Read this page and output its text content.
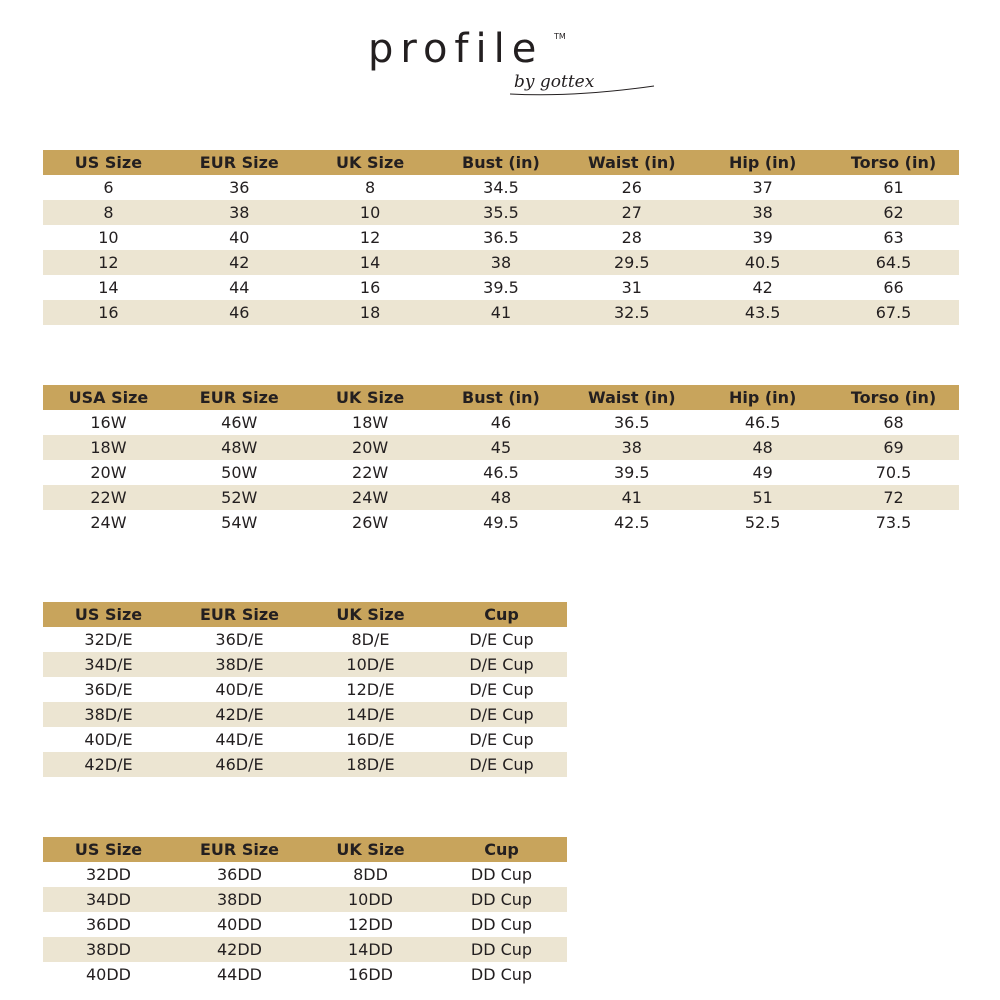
profile TM
by gottex
US Size	EUR Size	UK Size	Bust (in)	Waist (in)	Hip (in)	Torso (in)
6	36	8	34.5	26	37	61
8	38	10	35.5	27	38	62
10	40	12	36.5	28	39	63
12	42	14	38	29.5	40.5	64.5
14	44	16	39.5	31	42	66
16	46	18	41	32.5	43.5	67.5
USA Size	EUR Size	UK Size	Bust (in)	Waist (in)	Hip (in)	Torso (in)
16W	46W	18W	46	36.5	46.5	68
18W	48W	20W	45	38	48	69
20W	50W	22W	46.5	39.5	49	70.5
22W	52W	24W	48	41	51	72
24W	54W	26W	49.5	42.5	52.5	73.5
US Size	EUR Size	UK Size	Cup
32D/E	36D/E	8D/E	D/E Cup
34D/E	38D/E	10D/E	D/E Cup
36D/E	40D/E	12D/E	D/E Cup
38D/E	42D/E	14D/E	D/E Cup
40D/E	44D/E	16D/E	D/E Cup
42D/E	46D/E	18D/E	D/E Cup
US Size	EUR Size	UK Size	Cup
32DD	36DD	8DD	DD Cup
34DD	38DD	10DD	DD Cup
36DD	40DD	12DD	DD Cup
38DD	42DD	14DD	DD Cup
40DD	44DD	16DD	DD Cup
